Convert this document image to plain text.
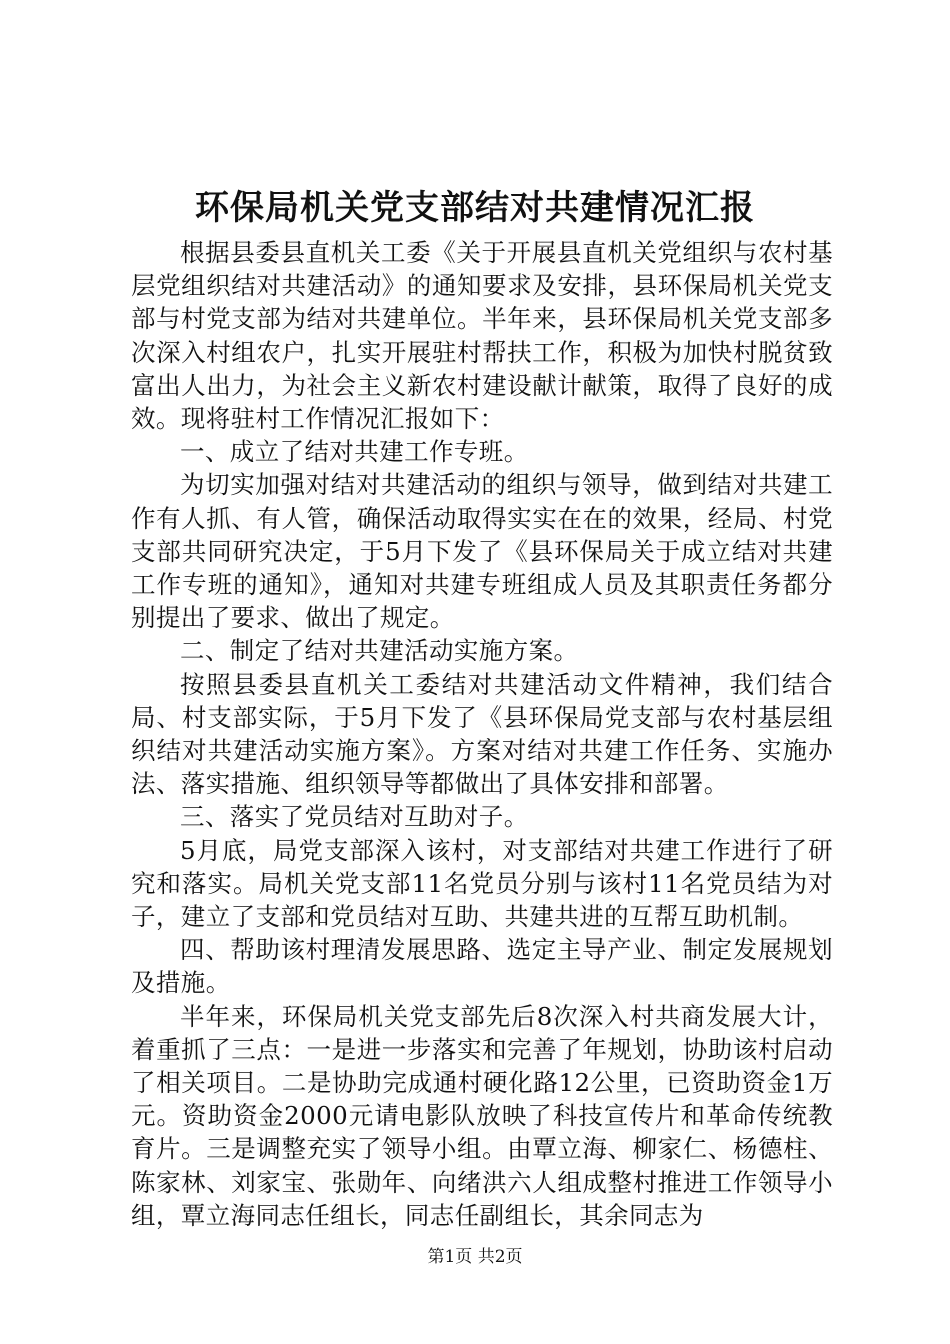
环保局机关党支部结对共建情况汇报

根据县委县直机关工委《关于开展县直机关党组织与农村基层党组织结对共建活动》的通知要求及安排，县环保局机关党支部与村党支部为结对共建单位。半年来，县环保局机关党支部多次深入村组农户，扎实开展驻村帮扶工作，积极为加快村脱贫致富出人出力，为社会主义新农村建设献计献策，取得了良好的成效。现将驻村工作情况汇报如下：

一、成立了结对共建工作专班。

为切实加强对结对共建活动的组织与领导，做到结对共建工作有人抓、有人管，确保活动取得实实在在的效果，经局、村党支部共同研究决定，于5月下发了《县环保局关于成立结对共建工作专班的通知》，通知对共建专班组成人员及其职责任务都分别提出了要求、做出了规定。

二、制定了结对共建活动实施方案。

按照县委县直机关工委结对共建活动文件精神，我们结合局、村支部实际，于5月下发了《县环保局党支部与农村基层组织结对共建活动实施方案》。方案对结对共建工作任务、实施办法、落实措施、组织领导等都做出了具体安排和部署。

三、落实了党员结对互助对子。

5月底，局党支部深入该村，对支部结对共建工作进行了研究和落实。局机关党支部11名党员分别与该村11名党员结为对子，建立了支部和党员结对互助、共建共进的互帮互助机制。

四、帮助该村理清发展思路、选定主导产业、制定发展规划及措施。

半年来，环保局机关党支部先后8次深入村共商发展大计，着重抓了三点：一是进一步落实和完善了年规划，协助该村启动了相关项目。二是协助完成通村硬化路12公里，已资助资金1万元。资助资金2000元请电影队放映了科技宣传片和革命传统教育片。三是调整充实了领导小组。由覃立海、柳家仁、杨德柱、陈家林、刘家宝、张勋年、向绪洪六人组成整村推进工作领导小组，覃立海同志任组长，同志任副组长，其余同志为

第1页 共2页
